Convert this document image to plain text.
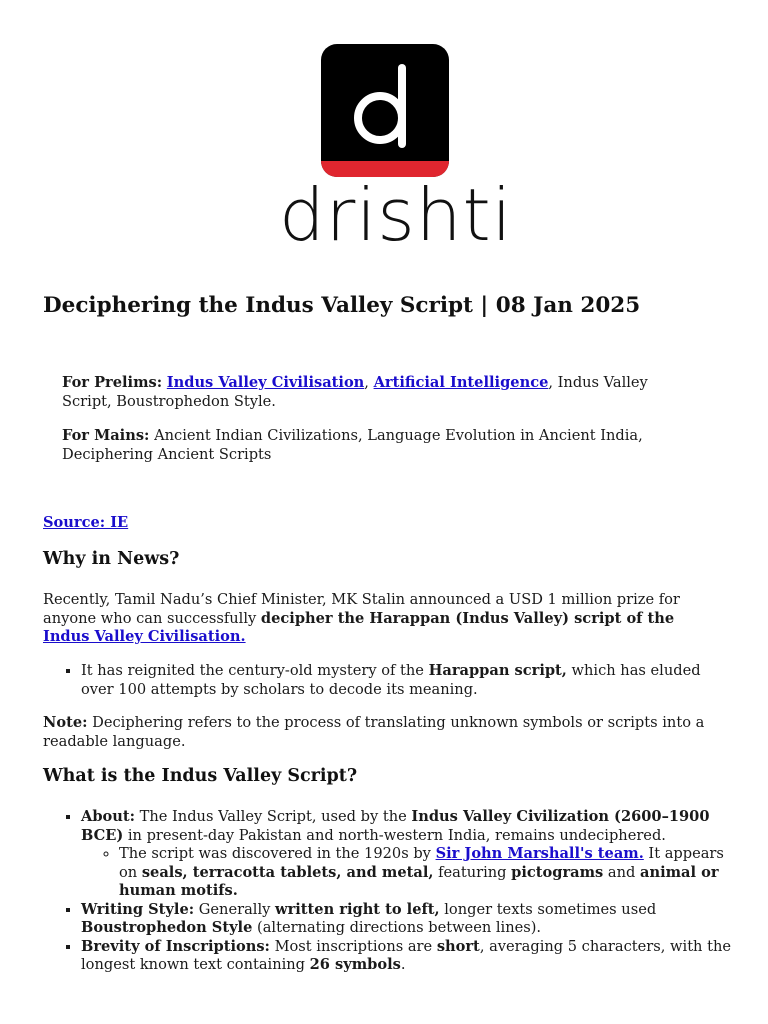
drishti
Deciphering the Indus Valley Script | 08 Jan 2025
For Prelims: Indus Valley Civilisation, Artificial Intelligence, Indus Valley Script, Boustrophedon Style.
For Mains: Ancient Indian Civilizations, Language Evolution in Ancient India, Deciphering Ancient Scripts
Source: IE
Why in News?
Recently, Tamil Nadu’s Chief Minister, MK Stalin announced a USD 1 million prize for anyone who can successfully decipher the Harappan (Indus Valley) script of the Indus Valley Civilisation.
▪ It has reignited the century-old mystery of the Harappan script, which has eluded over 100 attempts by scholars to decode its meaning.
Note: Deciphering refers to the process of translating unknown symbols or scripts into a readable language.
What is the Indus Valley Script?
▪ About: The Indus Valley Script, used by the Indus Valley Civilization (2600–1900 BCE) in present-day Pakistan and north-western India, remains undeciphered.
◦ The script was discovered in the 1920s by Sir John Marshall's team. It appears on seals, terracotta tablets, and metal, featuring pictograms and animal or human motifs.
▪ Writing Style: Generally written right to left, longer texts sometimes used Boustrophedon Style (alternating directions between lines).
▪ Brevity of Inscriptions: Most inscriptions are short, averaging 5 characters, with the longest known text containing 26 symbols.
